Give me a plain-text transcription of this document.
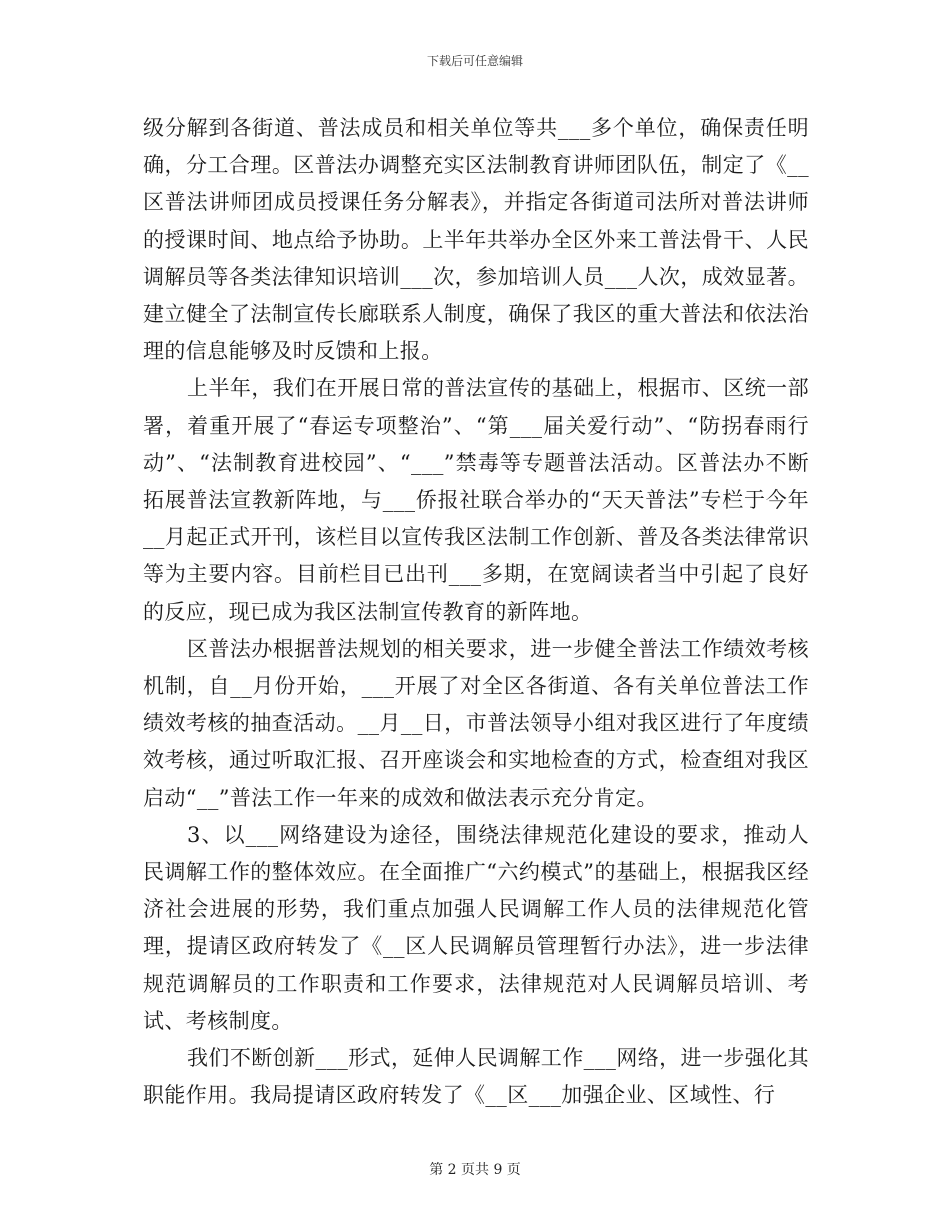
下载后可任意编辑

级分解到各街道、普法成员和相关单位等共___多个单位，确保责任明确，分工合理。区普法办调整充实区法制教育讲师团队伍，制定了《__区普法讲师团成员授课任务分解表》，并指定各街道司法所对普法讲师的授课时间、地点给予协助。上半年共举办全区外来工普法骨干、人民调解员等各类法律知识培训___次，参加培训人员___人次，成效显著。建立健全了法制宣传长廊联系人制度，确保了我区的重大普法和依法治理的信息能够及时反馈和上报。

上半年，我们在开展日常的普法宣传的基础上，根据市、区统一部署，着重开展了“春运专项整治”、“第___届关爱行动”、“防拐春雨行动”、“法制教育进校园”、“___”禁毒等专题普法活动。区普法办不断拓展普法宣教新阵地，与___侨报社联合举办的“天天普法”专栏于今年__月起正式开刊，该栏目以宣传我区法制工作创新、普及各类法律常识等为主要内容。目前栏目已出刊___多期，在宽阔读者当中引起了良好的反应，现已成为我区法制宣传教育的新阵地。

区普法办根据普法规划的相关要求，进一步健全普法工作绩效考核机制，自__月份开始，___开展了对全区各街道、各有关单位普法工作绩效考核的抽查活动。__月__日，市普法领导小组对我区进行了年度绩效考核，通过听取汇报、召开座谈会和实地检查的方式，检查组对我区启动“__”普法工作一年来的成效和做法表示充分肯定。

3、以___网络建设为途径，围绕法律规范化建设的要求，推动人民调解工作的整体效应。在全面推广“六约模式”的基础上，根据我区经济社会进展的形势，我们重点加强人民调解工作人员的法律规范化管理，提请区政府转发了《__区人民调解员管理暂行办法》，进一步法律规范调解员的工作职责和工作要求，法律规范对人民调解员培训、考试、考核制度。

我们不断创新___形式，延伸人民调解工作___网络，进一步强化其职能作用。我局提请区政府转发了《__区___加强企业、区域性、行

第 2 页共 9 页
